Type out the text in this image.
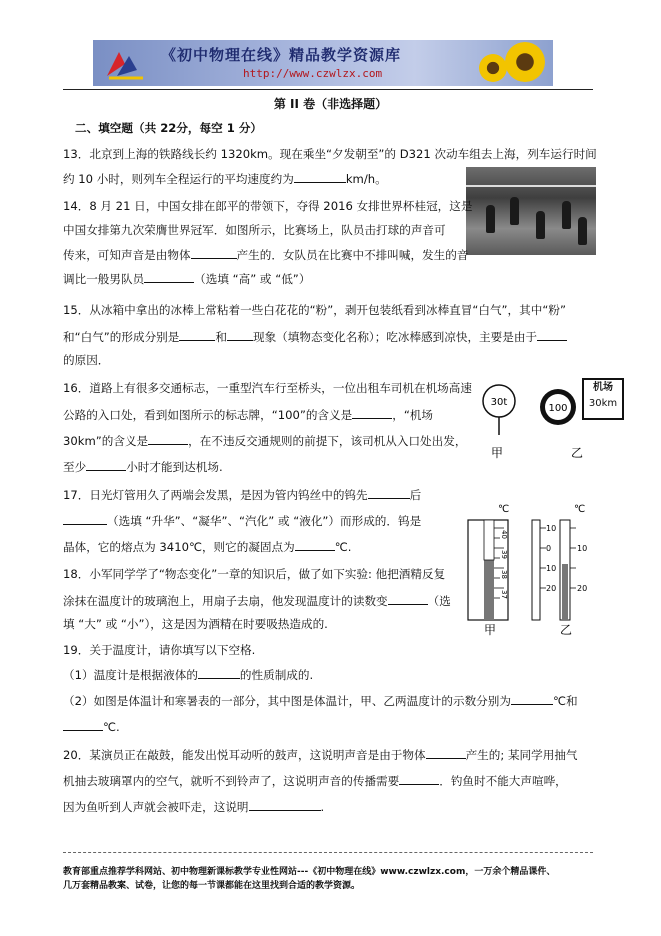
《初中物理在线》精品教学资源库
http://www.czwlzx.com
第 II 卷（非选择题）
二、填空题（共 22分，每空 1 分）
13．北京到上海的铁路线长约 1320km。现在乘坐“夕发朝至”的 D321 次动车组去上海，列车运行时间
约 10 小时，则列车全程运行的平均速度约为	km/h。
14．8 月 21 日，中国女排在郎平的带领下，夺得 2016 女排世界杯桂冠，这是
中国女排第九次荣膺世界冠军．如图所示，比赛场上，队员击打球的声音可
传来，可知声音是由物体	产生的．女队员在比赛中不排叫喊，发生的音
调比一般男队员	（选填 “高” 或 “低”）
15．从冰箱中拿出的冰棒上常粘着一些白花花的“粉”，剥开包装纸看到冰棒直冒“白气”，其中“粉”
和“白气”的形成分别是	和 现象（填物态变化名称）；吃冰棒感到凉快，主要是由于
的原因．
16．道路上有很多交通标志，一重型汽车行至桥头，一位出租车司机在机场高速
公路的入口处，看到如图所示的标志牌，“100”的含义是	，“机场
30km”的含义是	，在不违反交通规则的前提下，该司机从入口处出发，
至少	小时才能到达机场.
30t
100
甲	乙
机场
30km
17．日光灯管用久了两端会发黑，是因为管内钨丝中的钨先	后
（选填 “升华”、“凝华”、“汽化” 或 “液化”）而形成的．钨是
晶体，它的熔点为 3410℃，则它的凝固点为	℃.
18．小军同学学了“物态变化”一章的知识后，做了如下实验: 他把酒精反复
涂抹在温度计的玻璃泡上，用扇子去扇，他发现温度计的读数变	（选
填 “大” 或 “小”），这是因为酒精在时要吸热造成的.
℃
40
39
38
37
甲
℃
10
0
10
20
10
20
乙
19．关于温度计，请你填写以下空格.
（1）温度计是根据液体的	的性质制成的.
（2）如图是体温计和寒暑表的一部分，其中图是体温计，甲、乙两温度计的示数分别为	℃和
℃.
20．某演员正在敲鼓，能发出悦耳动听的鼓声，这说明声音是由于物体	产生的; 某同学用抽气
机抽去玻璃罩内的空气，就听不到铃声了，这说明声音的传播需要	．钓鱼时不能大声喧哗，
因为鱼听到人声就会被吓走，这说明	.
教育部重点推荐学科网站、初中物理新课标教学专业性网站---《初中物理在线》www.czwlzx.com，一万余个精品课件、
几万套精品教案、试卷，让您的每一节课都能在这里找到合适的教学资源。
